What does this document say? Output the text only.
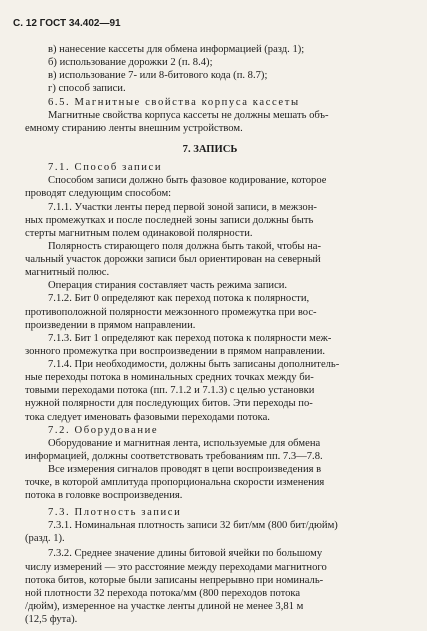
С. 12 ГОСТ 34.402—91
в) нанесение кассеты для обмена информацией (разд. 1);
б) использование дорожки 2 (п. 8.4);
в) использование 7- или 8-битового кода (п. 8.7);
г) способ записи.
6.5. Магнитные свойства корпуса кассеты
Магнитные свойства корпуса кассеты не должны мешать объ-
емному стиранию ленты внешним устройством.
7. ЗАПИСЬ
7.1. Способ записи
Способом записи должно быть фазовое кодирование, которое
проводят следующим способом:
7.1.1. Участки ленты перед первой зоной записи, в межзон-
ных промежутках и после последней зоны записи должны быть
стерты магнитным полем одинаковой полярности.
Полярность стирающего поля должна быть такой, чтобы на-
чальный участок дорожки записи был ориентирован на северный
магнитный полюс.
Операция стирания составляет часть режима записи.
7.1.2. Бит 0 определяют как переход потока к полярности,
противоположной полярности межзонного промежутка при вос-
произведении в прямом направлении.
7.1.3. Бит 1 определяют как переход потока к полярности меж-
зонного промежутка при воспроизведении в прямом направлении.
7.1.4. При необходимости, должны быть записаны дополнитель-
ные переходы потока в номинальных средних точках между би-
товыми переходами потока (пп. 7.1.2 и 7.1.3) с целью установки
нужной полярности для последующих битов. Эти переходы по-
тока следует именовать фазовыми переходами потока.
7.2. Оборудование
Оборудование и магнитная лента, используемые для обмена
информацией, должны соответствовать требованиям пп. 7.3—7.8.
Все измерения сигналов проводят в цепи воспроизведения в
точке, в которой амплитуда пропорциональна скорости изменения
потока в головке воспроизведения.
7.3. Плотность записи
7.3.1. Номинальная плотность записи 32 бит/мм (800 бит/дюйм)
(разд. 1).
7.3.2. Среднее значение длины битовой ячейки по большому
числу измерений — это расстояние между переходами магнитного
потока битов, которые были записаны непрерывно при номиналь-
ной плотности 32 перехода потока/мм (800 переходов потока
/дюйм), измеренное на участке ленты длиной не менее 3,81 м
(12,5 фута).
